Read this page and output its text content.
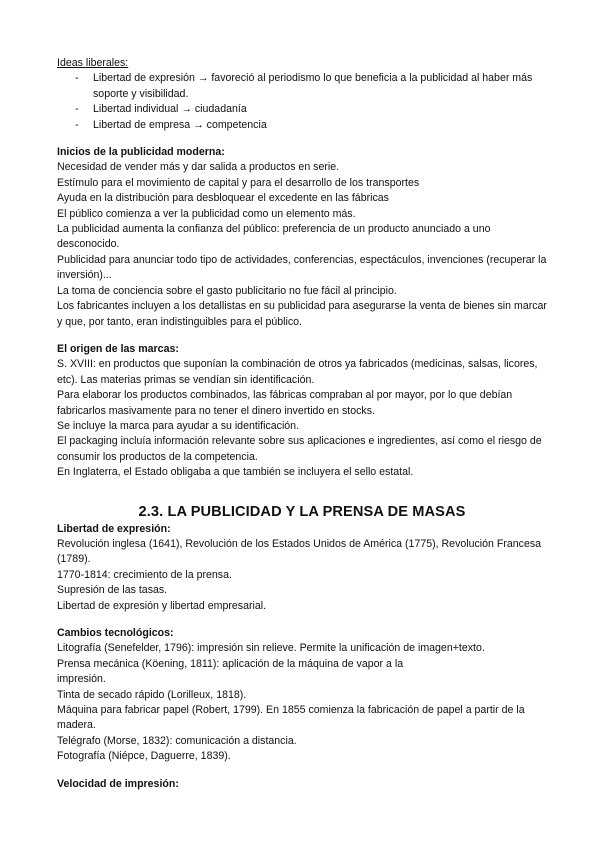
Ideas liberales:
- Libertad de expresión → favoreció al periodismo lo que beneficia a la publicidad al haber más soporte y visibilidad.
- Libertad individual → ciudadanía
- Libertad de empresa → competencia
Inicios de la publicidad moderna:
Necesidad de vender más y dar salida a productos en serie.
Estímulo para el movimiento de capital y para el desarrollo de los transportes
Ayuda en la distribución para desbloquear el excedente en las fábricas
El público comienza a ver la publicidad como un elemento más.
La publicidad aumenta la confianza del público: preferencia de un producto anunciado a uno desconocido.
Publicidad para anunciar todo tipo de actividades, conferencias, espectáculos, invenciones (recuperar la inversión)...
La toma de conciencia sobre el gasto publicitario no fue fácil al principio.
Los fabricantes incluyen a los detallistas en su publicidad para asegurarse la venta de bienes sin marcar y que, por tanto, eran indistinguibles para el público.
El origen de las marcas:
S. XVIII: en productos que suponían la combinación de otros ya fabricados (medicinas, salsas, licores, etc). Las materias primas se vendían sin identificación.
Para elaborar los productos combinados, las fábricas compraban al por mayor, por lo que debían fabricarlos masivamente para no tener el dinero invertido en stocks.
Se incluye la marca para ayudar a su identificación.
El packaging incluía información relevante sobre sus aplicaciones e ingredientes, así como el riesgo de consumir los productos de la competencia.
En Inglaterra, el Estado obligaba a que también se incluyera el sello estatal.
2.3. LA PUBLICIDAD Y LA PRENSA DE MASAS
Libertad de expresión:
Revolución inglesa (1641), Revolución de los Estados Unidos de América (1775), Revolución Francesa (1789).
1770-1814: crecimiento de la prensa.
Supresión de las tasas.
Libertad de expresión y libertad empresarial.
Cambios tecnológicos:
Litografía (Senefelder, 1796): impresión sin relieve. Permite la unificación de imagen+texto.
Prensa mecánica (Köening, 1811): aplicación de la máquina de vapor a la
impresión.
Tinta de secado rápido (Lorilleux, 1818).
Máquina para fabricar papel (Robert, 1799). En 1855 comienza la fabricación de papel a partir de la madera.
Telégrafo (Morse, 1832): comunicación a distancia.
Fotografía (Niépce, Daguerre, 1839).
Velocidad de impresión:
